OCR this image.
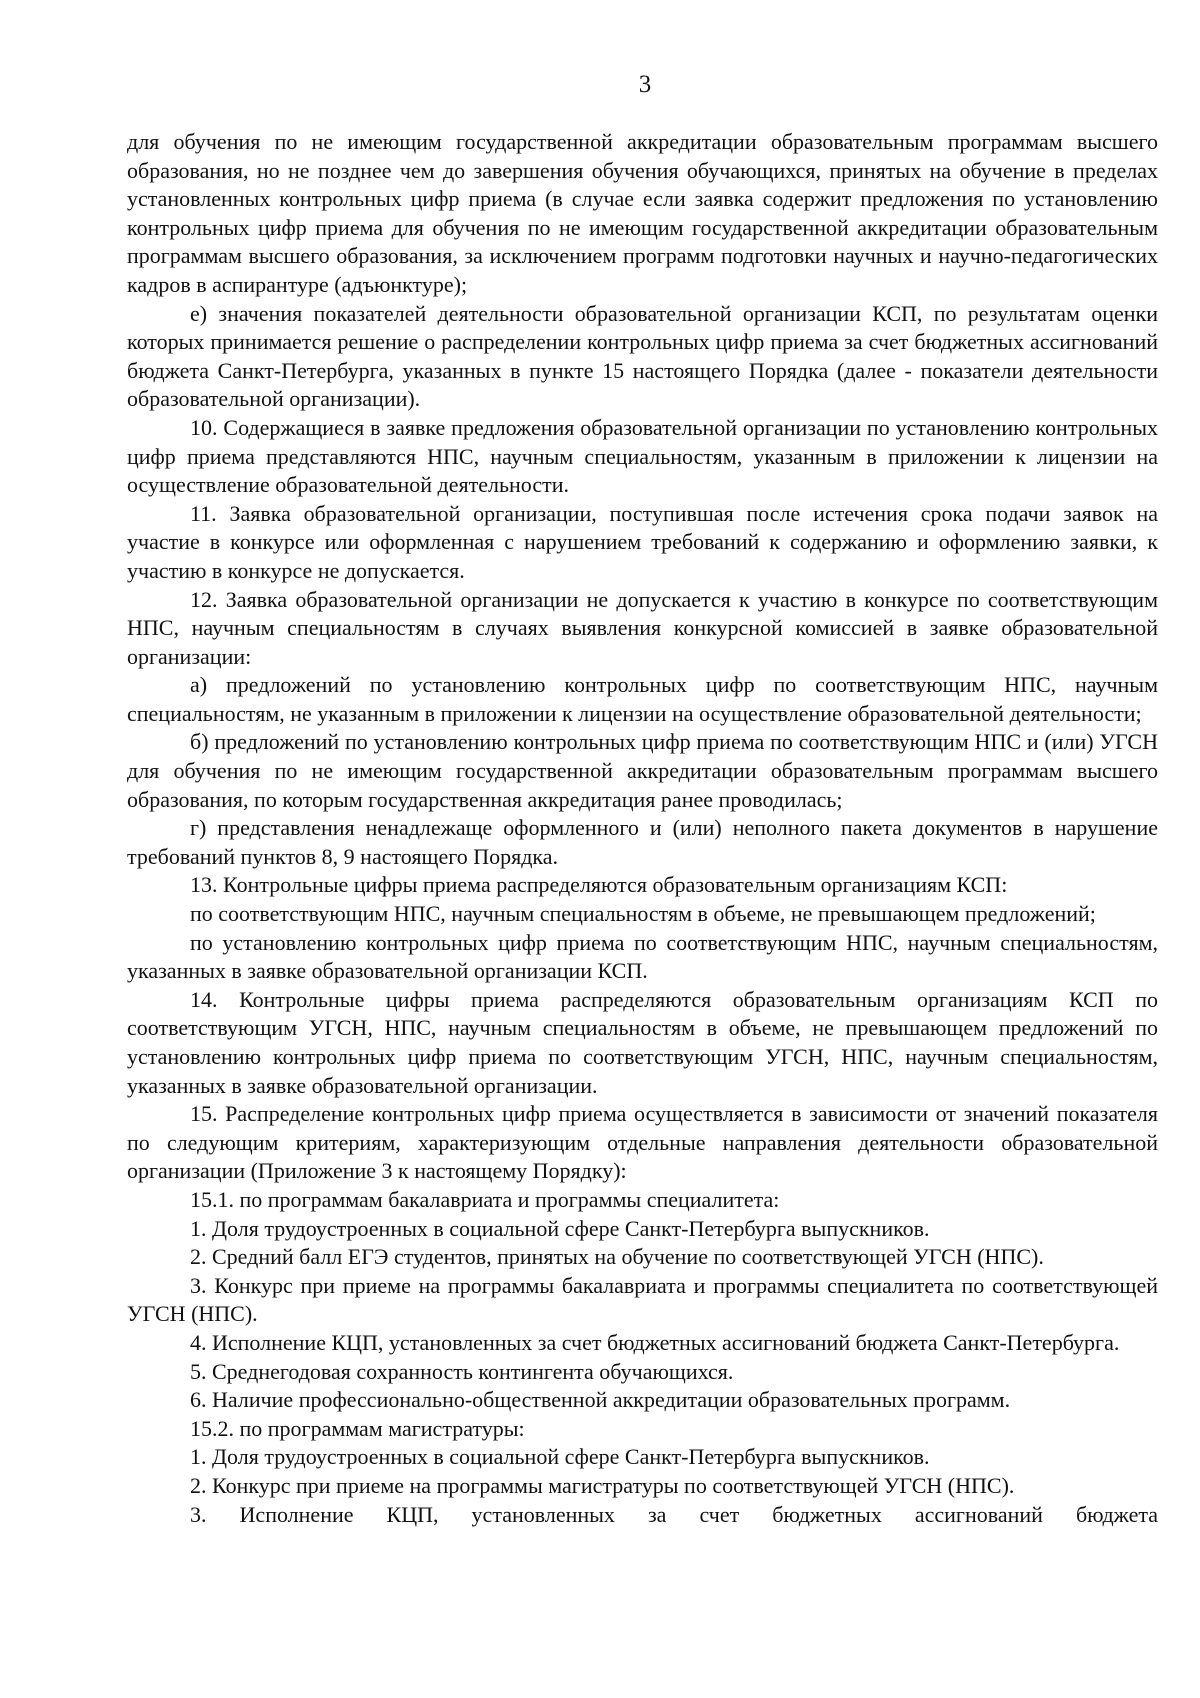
3

для обучения по не имеющим государственной аккредитации образовательным программам высшего образования, но не позднее чем до завершения обучения обучающихся, принятых на обучение в пределах установленных контрольных цифр приема (в случае если заявка содержит предложения по установлению контрольных цифр приема для обучения по не имеющим государственной аккредитации образовательным программам высшего образования, за исключением программ подготовки научных и научно-педагогических кадров в аспирантуре (адъюнктуре);

е) значения показателей деятельности образовательной организации КСП, по результатам оценки которых принимается решение о распределении контрольных цифр приема за счет бюджетных ассигнований бюджета Санкт-Петербурга, указанных в пункте 15 настоящего Порядка (далее - показатели деятельности образовательной организации).

10. Содержащиеся в заявке предложения образовательной организации по установлению контрольных цифр приема представляются НПС, научным специальностям, указанным в приложении к лицензии на осуществление образовательной деятельности.

11. Заявка образовательной организации, поступившая после истечения срока подачи заявок на участие в конкурсе или оформленная с нарушением требований к содержанию и оформлению заявки, к участию в конкурсе не допускается.

12. Заявка образовательной организации не допускается к участию в конкурсе по соответствующим НПС, научным специальностям в случаях выявления конкурсной комиссией в заявке образовательной организации:

а) предложений по установлению контрольных цифр по соответствующим НПС, научным специальностям, не указанным в приложении к лицензии на осуществление образовательной деятельности;

б) предложений по установлению контрольных цифр приема по соответствующим НПС и (или) УГСН для обучения по не имеющим государственной аккредитации образовательным программам высшего образования, по которым государственная аккредитация ранее проводилась;

г) представления ненадлежаще оформленного и (или) неполного пакета документов в нарушение требований пунктов 8, 9 настоящего Порядка.

13. Контрольные цифры приема распределяются образовательным организациям КСП:

по соответствующим НПС, научным специальностям в объеме, не превышающем предложений;

по установлению контрольных цифр приема по соответствующим НПС, научным специальностям, указанных в заявке образовательной организации КСП.

14. Контрольные цифры приема распределяются образовательным организациям КСП по соответствующим УГСН, НПС, научным специальностям в объеме, не превышающем предложений по установлению контрольных цифр приема по соответствующим УГСН, НПС, научным специальностям, указанных в заявке образовательной организации.

15. Распределение контрольных цифр приема осуществляется в зависимости от значений показателя по следующим критериям, характеризующим отдельные направления деятельности образовательной организации (Приложение 3 к настоящему Порядку):

15.1. по программам бакалавриата и программы специалитета:

1. Доля трудоустроенных в социальной сфере Санкт-Петербурга выпускников.

2. Средний балл ЕГЭ студентов, принятых на обучение по соответствующей УГСН (НПС).

3. Конкурс при приеме на программы бакалавриата и программы специалитета по соответствующей УГСН (НПС).

4. Исполнение КЦП, установленных за счет бюджетных ассигнований бюджета Санкт-Петербурга.

5. Среднегодовая сохранность контингента обучающихся.

6. Наличие профессионально-общественной аккредитации образовательных программ.

15.2. по программам магистратуры:

1. Доля трудоустроенных в социальной сфере Санкт-Петербурга выпускников.

2. Конкурс при приеме на программы магистратуры по соответствующей УГСН (НПС).

3. Исполнение КЦП, установленных за счет бюджетных ассигнований бюджета
